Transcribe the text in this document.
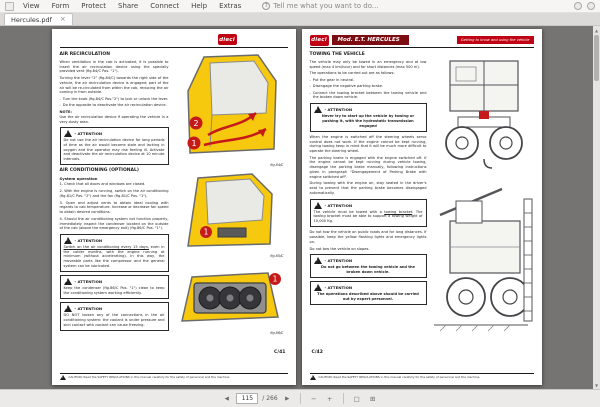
View	Form	Protect	Share	Connect	Help	Extras	? Tell me what you want to do...
Hercules.pdf ×
dieci
AIR RECIRCULATION
When ventilation in the cab is activated, it is possible to insert the air recirculation device using the specially provided vent (fig.84/C Pos. "1").
Turning the lever "2" (fig.84/C) towards the right side of the vehicle, the air recirculation device is engaged; part of the air will be re-circulated from within the cab, reducing the air coming in from outside.
- Turn the knob (fig.84/C Pos."2") to lock or unlock the lever.
- Do the opposite to deactivate the air recirculation device.
NOTE:
Use the air recirculation device if operating the vehicle in a very dusty area.
! - ATTENTION
Do not use the air recirculation device for long periods of time as the air would become stale and lacking in oxygen and the operator may risk feeling ill. Activate and deactivate the air recirculation device at 10 minute intervals.
AIR CONDITIONING (OPTIONAL)
System operation
1. Check that all doors and windows are closed.
2. With the engine is running, switch on the air conditioning (fig.81/C Pos. "2") and the fan (fig.81/C Pos. "1").
3. Open and adjust vents to obtain ideal cooling with regards to cab temperature. Increase or decrease fan speed to obtain desired conditions.
4. Should the air conditioning system not function properly, immediately inspect the condenser located on the outside of the cab (above the emergency exit) (fig.86/C Pos. "1").
! - ATTENTION
Switch on the air conditioning every 15 days, even in the colder months, with the engine running at minimum (without accelerating). In this way, the moveable parts like the compressor and the general system can be lubricated.
! - ATTENTION
Keep the condenser (fig.86/C Pos. "1") clean to keep the conditioning system working efficiently.
! - ATTENTION
DO NOT loosen any of the connections in the air conditioning system: the coolant is under pressure and skin contact with coolant can cause freezing.
2
1
fig.84/C
1
fig.85/C
1
fig.86/C
C/41
! CAUTION: Read the SAFETY REGULATIONS in this manual carefully for the safety of personnel and the machine.
dieci	Mod. E.T. HERCULES	Getting to know and using the vehicle
TOWING THE VEHICLE
The vehicle may only be towed in an emergency and at low speed (max 4 km/hour) and for short distances (max 500 m).
The operations to be carried out are as follows:
- Put the gear in neutral.
- Disengage the negative parking brake.
- Connect the towing bracket between the towing vehicle and the broken down vehicle.
! - ATTENTION
Never try to start up the vehicle by towing or pushing it, with the hydrostatic transmission engaged
When the engine is switched off the steering wheels servo control does not work. If the engine cannot be kept running, during towing keep in mind that it will be much more difficult to operate the steering wheel.
The parking brake is engaged with the engine switched off. If the engine cannot be kept running during vehicle towing, disengage the parking brake manually, following instructions given in paragraph "Disengagement of Parking Brake with engine switched off".
During towing with the engine on, stay seated in the driver's seat to prevent that the parking brake becomes disengaged automatically.
! - ATTENTION
The vehicle must be towed with a towing bracket. The towing bracket must be able to support a towing weight of 10,000 Kg.
Do not tow the vehicle on public roads and for long distances. If possible, keep the yellow flashing lights and emergency lights on.
Do not tow the vehicle on slopes.
! - ATTENTION
Do not go between the towing vehicle and the broken down vehicle.
! - ATTENTION
The operations described above should be carried out by expert personnel.
C/42
! CAUTION: Read the SAFETY REGULATIONS in this manual carefully for the safety of personnel and the machine.
▲
▼
◀	115	/ 266	▶	−	+	□	⊞
